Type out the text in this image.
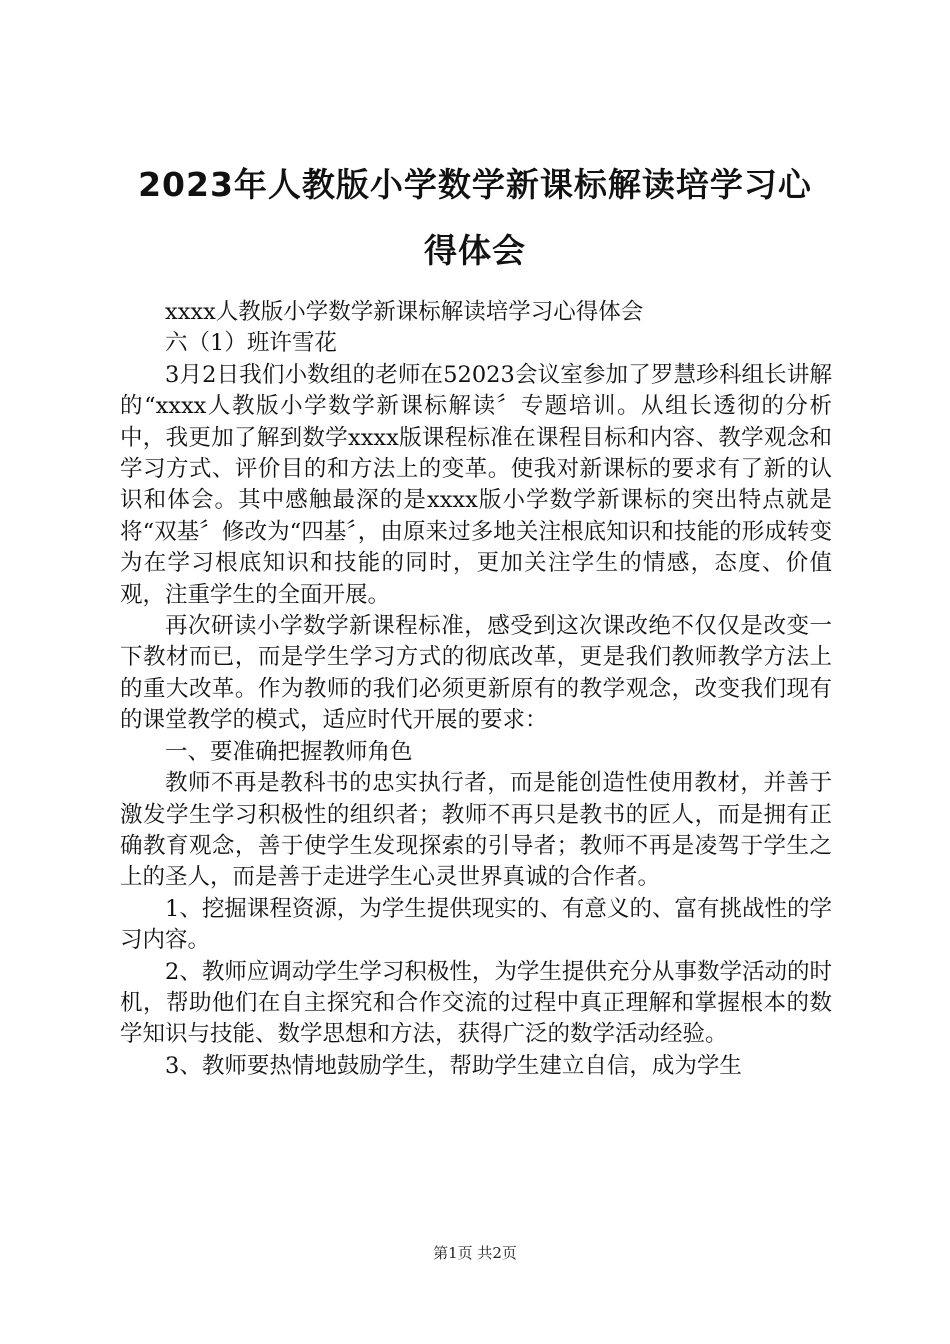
2023年人教版小学数学新课标解读培学习心
得体会

xxxx人教版小学数学新课标解读培学习心得体会

六（1）班许雪花

3月2日我们小数组的老师在52023会议室参加了罗慧珍科组长讲解的“xxxx人教版小学数学新课标解读〞专题培训。从组长透彻的分析中，我更加了解到数学xxxx版课程标准在课程目标和内容、教学观念和学习方式、评价目的和方法上的变革。使我对新课标的要求有了新的认识和体会。其中感触最深的是xxxx版小学数学新课标的突出特点就是将“双基〞修改为“四基〞，由原来过多地关注根底知识和技能的形成转变为在学习根底知识和技能的同时，更加关注学生的情感，态度、价值观，注重学生的全面开展。

再次研读小学数学新课程标准，感受到这次课改绝不仅仅是改变一下教材而已，而是学生学习方式的彻底改革，更是我们教师教学方法上的重大改革。作为教师的我们必须更新原有的教学观念，改变我们现有的课堂教学的模式，适应时代开展的要求：

一、要准确把握教师角色

教师不再是教科书的忠实执行者，而是能创造性使用教材，并善于激发学生学习积极性的组织者；教师不再只是教书的匠人，而是拥有正确教育观念，善于使学生发现探索的引导者；教师不再是凌驾于学生之上的圣人，而是善于走进学生心灵世界真诚的合作者。

1、挖掘课程资源，为学生提供现实的、有意义的、富有挑战性的学习内容。

2、教师应调动学生学习积极性，为学生提供充分从事数学活动的时机，帮助他们在自主探究和合作交流的过程中真正理解和掌握根本的数学知识与技能、数学思想和方法，获得广泛的数学活动经验。

3、教师要热情地鼓励学生，帮助学生建立自信，成为学生

第1页 共2页
